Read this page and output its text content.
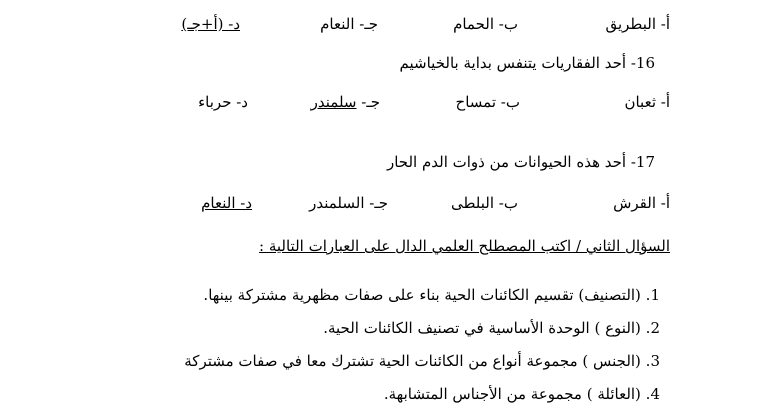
أ- البطريق
ب- الحمام
جـ- النعام
د- (أ+جـ)
16- أحد الفقاريات يتنفس بداية بالخياشيم
أ- ثعبان
ب- تمساح
جـ- سلمندر
د- حرباء
17- أحد هذه الحيوانات من ذوات الدم الحار
أ- القرش
ب- البلطى
جـ- السلمندر
د- النعام
السؤال الثاني / اكتب المصطلح العلمي الدال على العبارات التالية :
1. (التصنيف) تقسيم الكائنات الحية بناء على صفات مظهرية مشتركة بينها.
2. (النوع ) الوحدة الأساسية في تصنيف الكائنات الحية.
3. (الجنس ) مجموعة أنواع من الكائنات الحية تشترك معا في صفات مشتركة
4. (العائلة ) مجموعة من الأجناس المتشابهة.
